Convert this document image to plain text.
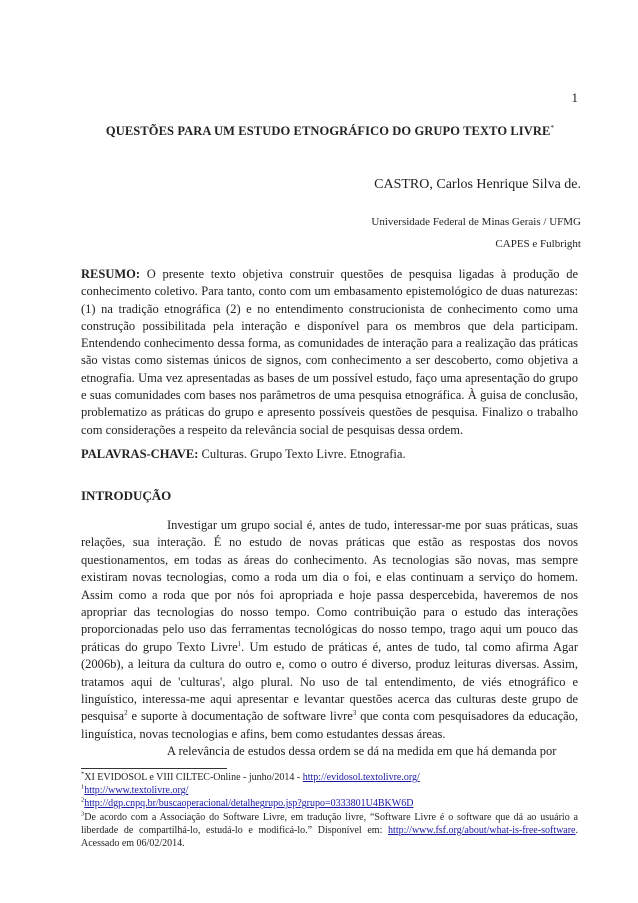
1
QUESTÕES PARA UM ESTUDO ETNOGRÁFICO DO GRUPO TEXTO LIVRE*
CASTRO, Carlos Henrique Silva de.
Universidade Federal de Minas Gerais / UFMG
CAPES e Fulbright
RESUMO: O presente texto objetiva construir questões de pesquisa ligadas à produção de conhecimento coletivo. Para tanto, conto com um embasamento epistemológico de duas naturezas: (1) na tradição etnográfica (2) e no entendimento construcionista de conhecimento como uma construção possibilitada pela interação e disponível para os membros que dela participam. Entendendo conhecimento dessa forma, as comunidades de interação para a realização das práticas são vistas como sistemas únicos de signos, com conhecimento a ser descoberto, como objetiva a etnografia. Uma vez apresentadas as bases de um possível estudo, faço uma apresentação do grupo e suas comunidades com bases nos parâmetros de uma pesquisa etnográfica. À guisa de conclusão, problematizo as práticas do grupo e apresento possíveis questões de pesquisa. Finalizo o trabalho com considerações a respeito da relevância social de pesquisas dessa ordem.
PALAVRAS-CHAVE: Culturas. Grupo Texto Livre. Etnografia.
INTRODUÇÃO

Investigar um grupo social é, antes de tudo, interessar-me por suas práticas, suas relações, sua interação. É no estudo de novas práticas que estão as respostas dos novos questionamentos, em todas as áreas do conhecimento. As tecnologias são novas, mas sempre existiram novas tecnologias, como a roda um dia o foi, e elas continuam a serviço do homem. Assim como a roda que por nós foi apropriada e hoje passa despercebida, haveremos de nos apropriar das tecnologias do nosso tempo. Como contribuição para o estudo das interações proporcionadas pelo uso das ferramentas tecnológicas do nosso tempo, trago aqui um pouco das práticas do grupo Texto Livre$^1$. Um estudo de práticas é, antes de tudo, tal como afirma Agar (2006b), a leitura da cultura do outro e, como o outro é diverso, produz leituras diversas. Assim, tratamos aqui de 'culturas', algo plural. No uso de tal entendimento, de viés etnográfico e linguístico, interessa-me aqui apresentar e levantar questões acerca das culturas deste grupo de pesquisa$^2$ e suporte à documentação de software livre$^3$ que conta com pesquisadores da educação, linguística, novas tecnologias e afins, bem como estudantes dessas áreas.

A relevância de estudos dessa ordem se dá na medida em que há demanda por

*XI EVIDOSOL e VIII CILTEC-Online - junho/2014 - http://evidosol.textolivre.org/
$^1$http://www.textolivre.org/
$^2$http://dgp.cnpq.br/buscaoperacional/detalhegrupo.jsp?grupo=0333801U4BKW6D
$^3$De acordo com a Associação do Software Livre, em tradução livre, “Software Livre é o software que dá ao usuário a liberdade de compartilhá-lo, estudá-lo e modificá-lo.” Disponível em: http://www.fsf.org/about/what-is-free-software. Acessado em 06/02/2014.
